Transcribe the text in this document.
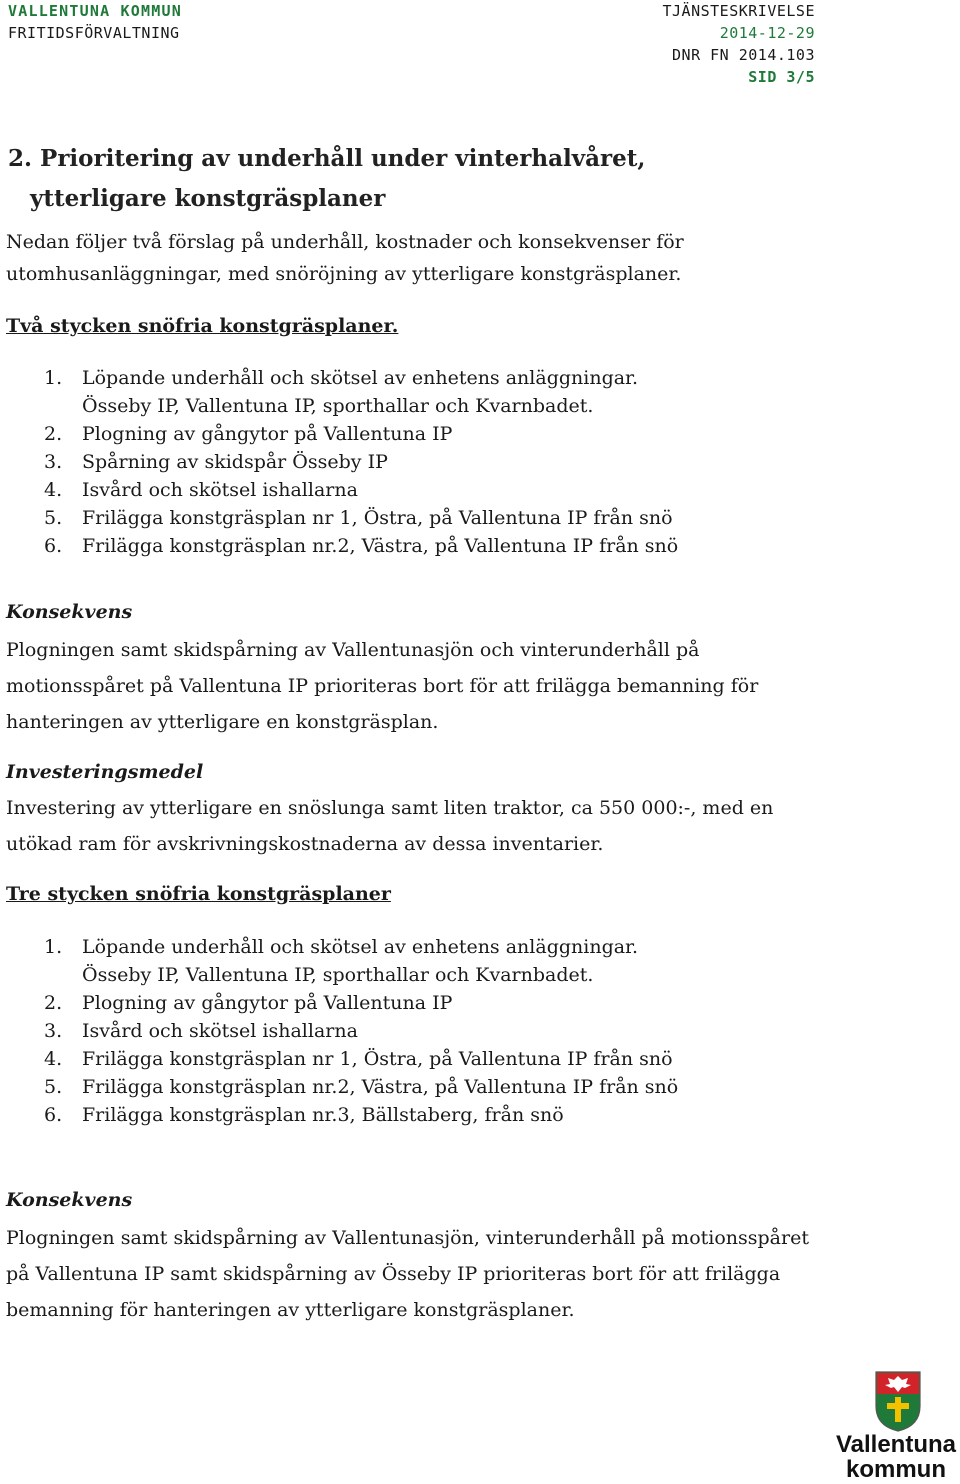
VALLENTUNA KOMMUN
FRITIDSFÖRVALTNING
TJÄNSTESKRIVELSE
2014-12-29
DNR FN 2014.103
SID 3/5
2. Prioritering av underhåll under vinterhalvåret,
ytterligare konstgräsplaner
Nedan följer två förslag på underhåll, kostnader och konsekvenser för
utomhusanläggningar, med snöröjning av ytterligare konstgräsplaner.
Två stycken snöfria konstgräsplaner.
1. Löpande underhåll och skötsel av enhetens anläggningar.
Össeby IP, Vallentuna IP, sporthallar och Kvarnbadet.
2. Plogning av gångytor på Vallentuna IP
3. Spårning av skidspår Össeby IP
4. Isvård och skötsel ishallarna
5. Frilägga konstgräsplan nr 1, Östra, på Vallentuna IP från snö
6. Frilägga konstgräsplan nr.2, Västra, på Vallentuna IP från snö
Konsekvens
Plogningen samt skidspårning av Vallentunasjön och vinterunderhåll på
motionsspåret på Vallentuna IP prioriteras bort för att frilägga bemanning för
hanteringen av ytterligare en konstgräsplan.
Investeringsmedel
Investering av ytterligare en snöslunga samt liten traktor, ca 550 000:-, med en
utökad ram för avskrivningskostnaderna av dessa inventarier.
Tre stycken snöfria konstgräsplaner
1. Löpande underhåll och skötsel av enhetens anläggningar.
Össeby IP, Vallentuna IP, sporthallar och Kvarnbadet.
2. Plogning av gångytor på Vallentuna IP
3. Isvård och skötsel ishallarna
4. Frilägga konstgräsplan nr 1, Östra, på Vallentuna IP från snö
5. Frilägga konstgräsplan nr.2, Västra, på Vallentuna IP från snö
6. Frilägga konstgräsplan nr.3, Bällstaberg, från snö
Konsekvens
Plogningen samt skidspårning av Vallentunasjön, vinterunderhåll på motionsspåret
på Vallentuna IP samt skidspårning av Össeby IP prioriteras bort för att frilägga
bemanning för hanteringen av ytterligare konstgräsplaner.
Vallentuna
kommun
